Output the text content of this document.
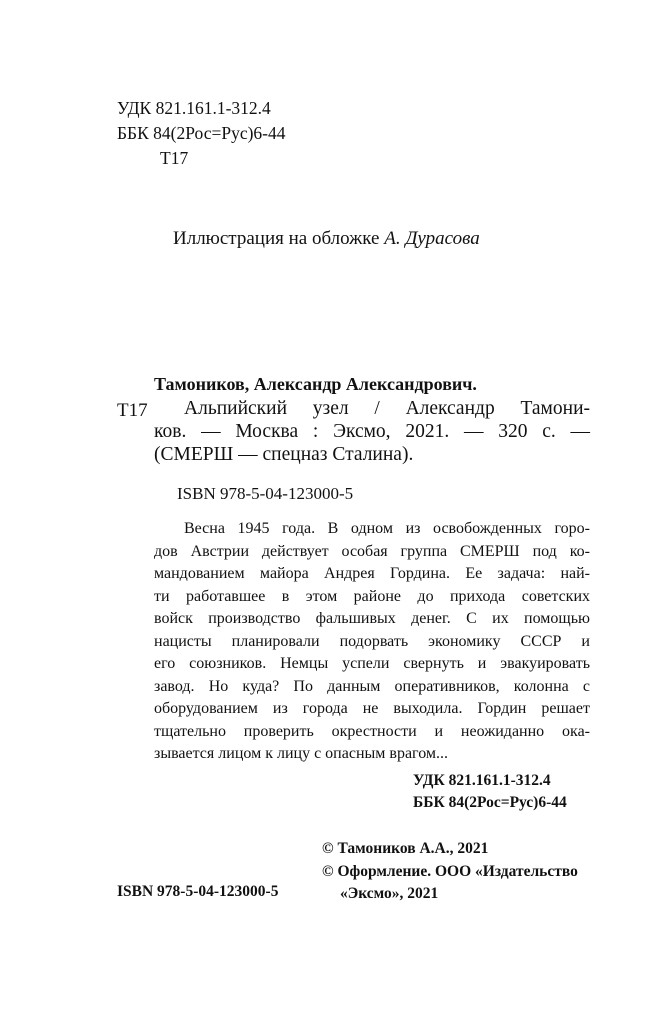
УДК 821.161.1-312.4
ББК 84(2Рос=Рус)6-44
Т17
Иллюстрация на обложке А. Дурасова
Тамоников, Александр Александрович.
Т17	Альпийский узел / Александр Тамони-
ков. — Москва : Эксмо, 2021. — 320 с. —
(СМЕРШ — спецназ Сталина).
ISBN 978-5-04-123000-5
Весна 1945 года. В одном из освобожденных горо-
дов Австрии действует особая группа СМЕРШ под ко-
мандованием майора Андрея Гордина. Ее задача: най-
ти работавшее в этом районе до прихода советских
войск производство фальшивых денег. С их помощью
нацисты планировали подорвать экономику СССР и
его союзников. Немцы успели свернуть и эвакуировать
завод. Но куда? По данным оперативников, колонна с
оборудованием из города не выходила. Гордин решает
тщательно проверить окрестности и неожиданно ока-
зывается лицом к лицу с опасным врагом...
УДК 821.161.1-312.4
ББК 84(2Рос=Рус)6-44
© Тамоников А.А., 2021
© Оформление. ООО «Издательство
«Эксмо», 2021
ISBN 978-5-04-123000-5
